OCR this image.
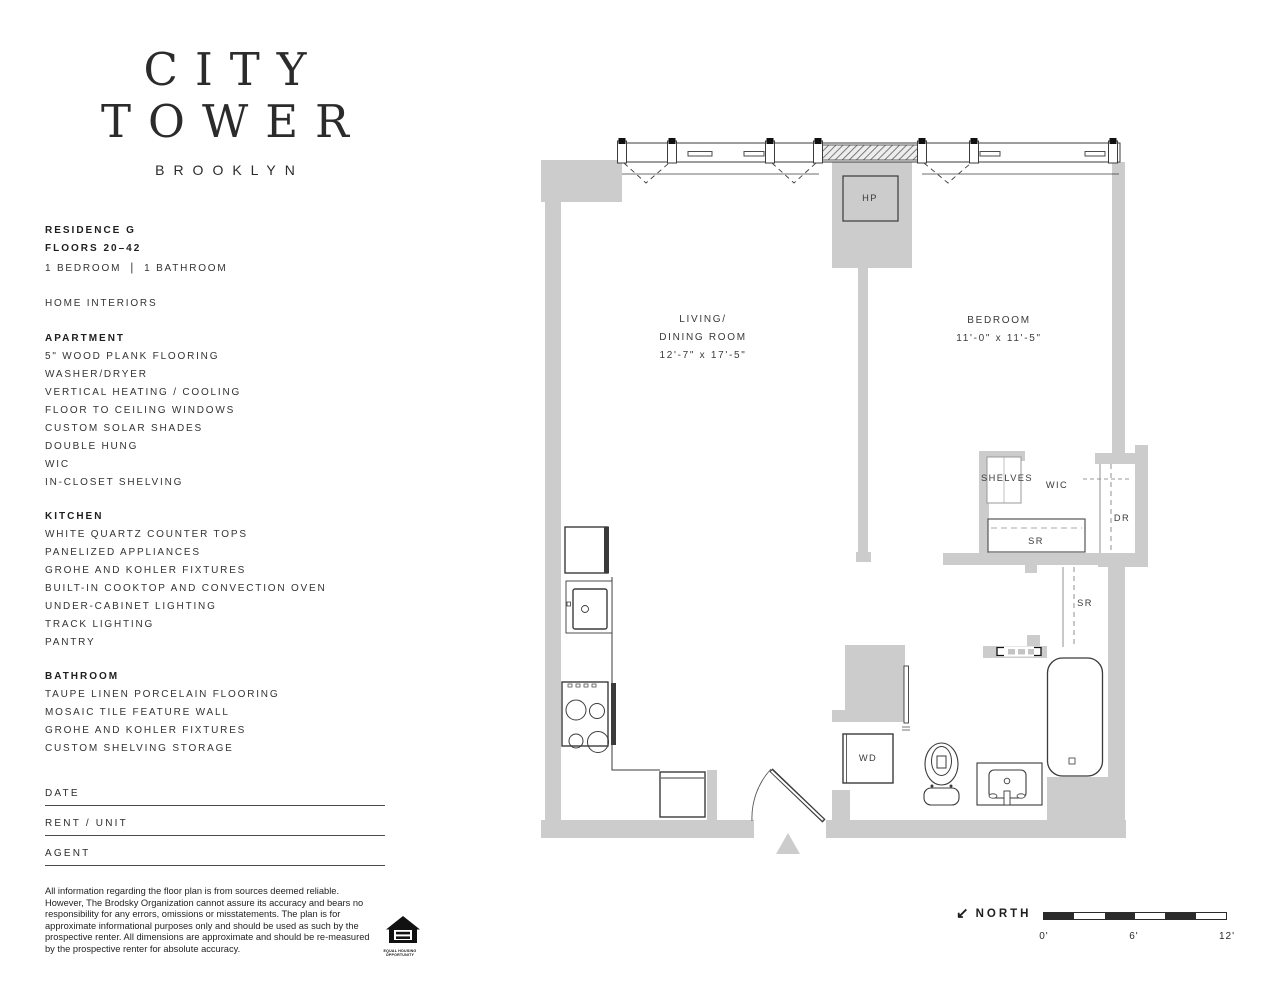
CITY
TOWER
BROOKLYN
RESIDENCE G
FLOORS 20–42
1 BEDROOM | 1 BATHROOM
HOME INTERIORS
APARTMENT
5" WOOD PLANK FLOORING
WASHER/DRYER
VERTICAL HEATING / COOLING
FLOOR TO CEILING WINDOWS
CUSTOM SOLAR SHADES
DOUBLE HUNG
WIC
IN-CLOSET SHELVING
KITCHEN
WHITE QUARTZ COUNTER TOPS
PANELIZED APPLIANCES
GROHE AND KOHLER FIXTURES
BUILT-IN COOKTOP AND CONVECTION OVEN
UNDER-CABINET LIGHTING
TRACK LIGHTING
PANTRY
BATHROOM
TAUPE LINEN PORCELAIN FLOORING
MOSAIC TILE FEATURE WALL
GROHE AND KOHLER FIXTURES
CUSTOM SHELVING STORAGE
DATE
RENT / UNIT
AGENT

All information regarding the floor plan is from sources deemed reliable. However, The Brodsky Organization cannot assure its accuracy and bears no responsibility for any errors, omissions or misstatements. The plan is for approximate informational purposes only and should be used as such by the prospective renter. All dimensions are approximate and should be re-measured by the prospective renter for absolute accuracy.	EQUAL HOUSING
OPPORTUNITY
LIVING/
DINING ROOM
12'-7" x 17'-5"
BEDROOM
11'-0" x 11'-5"
HP
WD
SHELVES
WIC
SR
SR
DR
↙ NORTH
0'	6'	12'
